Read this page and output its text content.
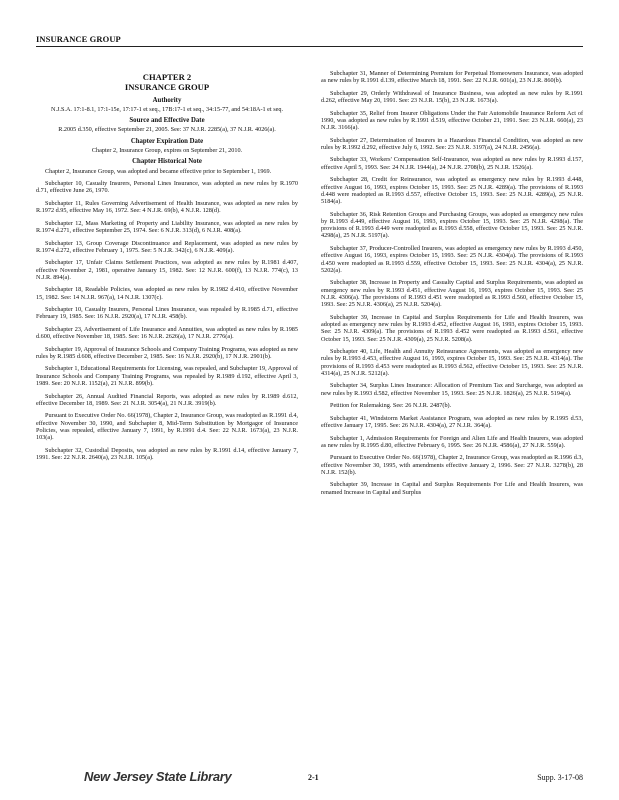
INSURANCE GROUP
CHAPTER 2
INSURANCE GROUP
Authority
N.J.S.A. 17:1-8.1, 17:1-15e, 17:17-1 et seq., 17B:17-1 et seq., 34:15-77, and 54:18A-1 et seq.
Source and Effective Date
R.2005 d.350, effective September 21, 2005. See: 37 N.J.R. 2285(a), 37 N.J.R. 4026(a).
Chapter Expiration Date
Chapter 2, Insurance Group, expires on September 21, 2010.
Chapter Historical Note

Chapter 2, Insurance Group, was adopted and became effective prior to September 1, 1969.

Subchapter 10, Casualty Insurers, Personal Lines Insurance, was adopted as new rules by R.1970 d.71, effective June 26, 1970.

Subchapter 11, Rules Governing Advertisement of Health Insurance, was adopted as new rules by R.1972 d.95, effective May 16, 1972. See: 4 N.J.R. 69(b), 4 N.J.R. 128(d).

Subchapter 12, Mass Marketing of Property and Liability Insurance, was adopted as new rules by R.1974 d.271, effective September 25, 1974. See: 6 N.J.R. 313(d), 6 N.J.R. 408(a).

Subchapter 13, Group Coverage Discontinuance and Replacement, was adopted as new rules by R.1974 d.272, effective February 1, 1975. See: 5 N.J.R. 342(c), 6 N.J.R. 409(a).

Subchapter 17, Unfair Claims Settlement Practices, was adopted as new rules by R.1981 d.407, effective November 2, 1981, operative January 15, 1982. See: 12 N.J.R. 600(f), 13 N.J.R. 774(c), 13 N.J.R. 894(a).

Subchapter 18, Readable Policies, was adopted as new rules by R.1982 d.410, effective November 15, 1982. See: 14 N.J.R. 967(a), 14 N.J.R. 1307(c).

Subchapter 10, Casualty Insurers, Personal Lines Insurance, was repealed by R.1985 d.71, effective February 19, 1985. See: 16 N.J.R. 2920(a), 17 N.J.R. 458(b).

Subchapter 23, Advertisement of Life Insurance and Annuities, was adopted as new rules by R.1985 d.600, effective November 18, 1985. See: 16 N.J.R. 2626(a), 17 N.J.R. 2776(a).

Subchapter 19, Approval of Insurance Schools and Company Training Programs, was adopted as new rules by R.1985 d.608, effective December 2, 1985. See: 16 N.J.R. 2920(b), 17 N.J.R. 2901(b).

Subchapter 1, Educational Requirements for Licensing, was repealed, and Subchapter 19, Approval of Insurance Schools and Company Training Programs, was repealed by R.1989 d.192, effective April 3, 1989. See: 20 N.J.R. 1152(a), 21 N.J.R. 899(b).

Subchapter 26, Annual Audited Financial Reports, was adopted as new rules by R.1989 d.612, effective December 18, 1989. See: 21 N.J.R. 3054(a), 21 N.J.R. 3919(b).

Pursuant to Executive Order No. 66(1978), Chapter 2, Insurance Group, was readopted as R.1991 d.4, effective November 30, 1990, and Subchapter 8, Mid-Term Substitution by Mortgagor of Insurance Policies, was repealed, effective January 7, 1991, by R.1991 d.4. See: 22 N.J.R. 1673(a), 23 N.J.R. 103(a).

Subchapter 32, Custodial Deposits, was adopted as new rules by R.1991 d.14, effective January 7, 1991. See: 22 N.J.R. 2640(a), 23 N.J.R. 105(a).

Subchapter 31, Manner of Determining Premium for Perpetual Homeowners Insurance, was adopted as new rules by R.1991 d.139, effective March 18, 1991. See: 22 N.J.R. 601(a), 23 N.J.R. 860(b).

Subchapter 29, Orderly Withdrawal of Insurance Business, was adopted as new rules by R.1991 d.262, effective May 20, 1991. See: 23 N.J.R. 15(b), 23 N.J.R. 1673(a).

Subchapter 35, Relief from Insurer Obligations Under the Fair Automobile Insurance Reform Act of 1990, was adopted as new rules by R.1991 d.519, effective October 21, 1991. See: 23 N.J.R. 660(a), 23 N.J.R. 3166(a).

Subchapter 27, Determination of Insurers in a Hazardous Financial Condition, was adopted as new rules by R.1992 d.292, effective July 6, 1992. See: 23 N.J.R. 3197(a), 24 N.J.R. 2456(a).

Subchapter 33, Workers' Compensation Self-Insurance, was adopted as new rules by R.1993 d.157, effective April 5, 1993. See: 24 N.J.R. 1944(a), 24 N.J.R. 2708(b), 25 N.J.R. 1526(a).

Subchapter 28, Credit for Reinsurance, was adopted as emergency new rules by R.1993 d.448, effective August 16, 1993, expires October 15, 1993. See: 25 N.J.R. 4289(a). The provisions of R.1993 d.448 were readopted as R.1993 d.557, effective October 15, 1993. See: 25 N.J.R. 4289(a), 25 N.J.R. 5184(a).

Subchapter 36, Risk Retention Groups and Purchasing Groups, was adopted as emergency new rules by R.1993 d.449, effective August 16, 1993, expires October 15, 1993. See: 25 N.J.R. 4298(a). The provisions of R.1993 d.449 were readopted as R.1993 d.558, effective October 15, 1993. See: 25 N.J.R. 4298(a), 25 N.J.R. 5197(a).

Subchapter 37, Producer-Controlled Insurers, was adopted as emergency new rules by R.1993 d.450, effective August 16, 1993, expires October 15, 1993. See: 25 N.J.R. 4304(a). The provisions of R.1993 d.450 were readopted as R.1993 d.559, effective October 15, 1993. See: 25 N.J.R. 4304(a), 25 N.J.R. 5202(a).

Subchapter 38, Increase in Property and Casualty Capital and Surplus Requirements, was adopted as emergency new rules by R.1993 d.451, effective August 16, 1993, expires October 15, 1993. See: 25 N.J.R. 4306(a). The provisions of R.1993 d.451 were readopted as R.1993 d.560, effective October 15, 1993. See: 25 N.J.R. 4306(a), 25 N.J.R. 5204(a).

Subchapter 39, Increase in Capital and Surplus Requirements for Life and Health Insurers, was adopted as emergency new rules by R.1993 d.452, effective August 16, 1993, expires October 15, 1993. See: 25 N.J.R. 4309(a). The provisions of R.1993 d.452 were readopted as R.1993 d.561, effective October 15, 1993. See: 25 N.J.R. 4309(a), 25 N.J.R. 5208(a).

Subchapter 40, Life, Health and Annuity Reinsurance Agreements, was adopted as emergency new rules by R.1993 d.453, effective August 16, 1993, expires October 15, 1993. See: 25 N.J.R. 4314(a). The provisions of R.1993 d.453 were readopted as R.1993 d.562, effective October 15, 1993. See: 25 N.J.R. 4314(a), 25 N.J.R. 5212(a).

Subchapter 34, Surplus Lines Insurance: Allocation of Premium Tax and Surcharge, was adopted as new rules by R.1993 d.582, effective November 15, 1993. See: 25 N.J.R. 1826(a), 25 N.J.R. 5194(a).

Petition for Rulemaking. See: 26 N.J.R. 2487(b).

Subchapter 41, Windstorm Market Assistance Program, was adopted as new rules by R.1995 d.53, effective January 17, 1995. See: 26 N.J.R. 4304(a), 27 N.J.R. 364(a).

Subchapter 1, Admission Requirements for Foreign and Alien Life and Health Insurers, was adopted as new rules by R.1995 d.80, effective February 6, 1995. See: 26 N.J.R. 4586(a), 27 N.J.R. 559(a).

Pursuant to Executive Order No. 66(1978), Chapter 2, Insurance Group, was readopted as R.1996 d.3, effective November 30, 1995, with amendments effective January 2, 1996. See: 27 N.J.R. 3278(b), 28 N.J.R. 152(b).

Subchapter 39, Increase in Capital and Surplus Requirements For Life and Health Insurers, was renamed Increase in Capital and Surplus

New Jersey State Library	2-1	Supp. 3-17-08
